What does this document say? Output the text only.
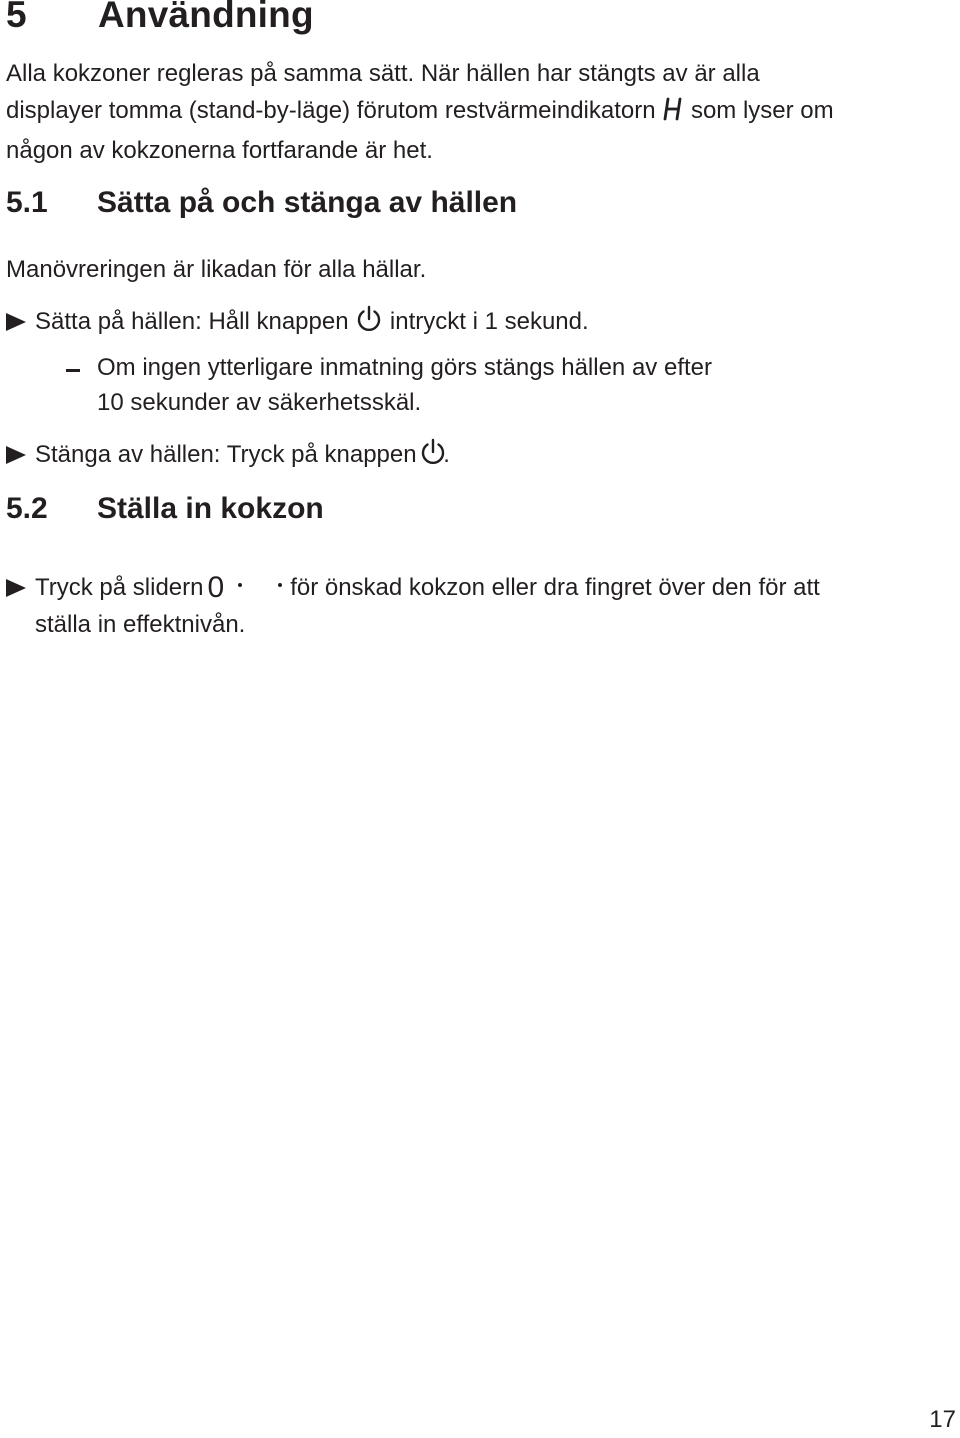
5 Användning
Alla kokzoner regleras på samma sätt. När hällen har stängts av är alla
displayer tomma (stand-by-läge) förutom restvärmeindikatorn som lyser om
någon av kokzonerna fortfarande är het.
5.1 Sätta på och stänga av hällen
Manövreringen är likadan för alla hällar.
Sätta på hällen: Håll knappen intryckt i 1 sekund.
Om ingen ytterligare inmatning görs stängs hällen av efter
10 sekunder av säkerhetsskäl.
Stänga av hällen: Tryck på knappen .
5.2 Ställa in kokzon
Tryck på slidern 0	för önskad kokzon eller dra fingret över den för att
ställa in effektnivån.
17
